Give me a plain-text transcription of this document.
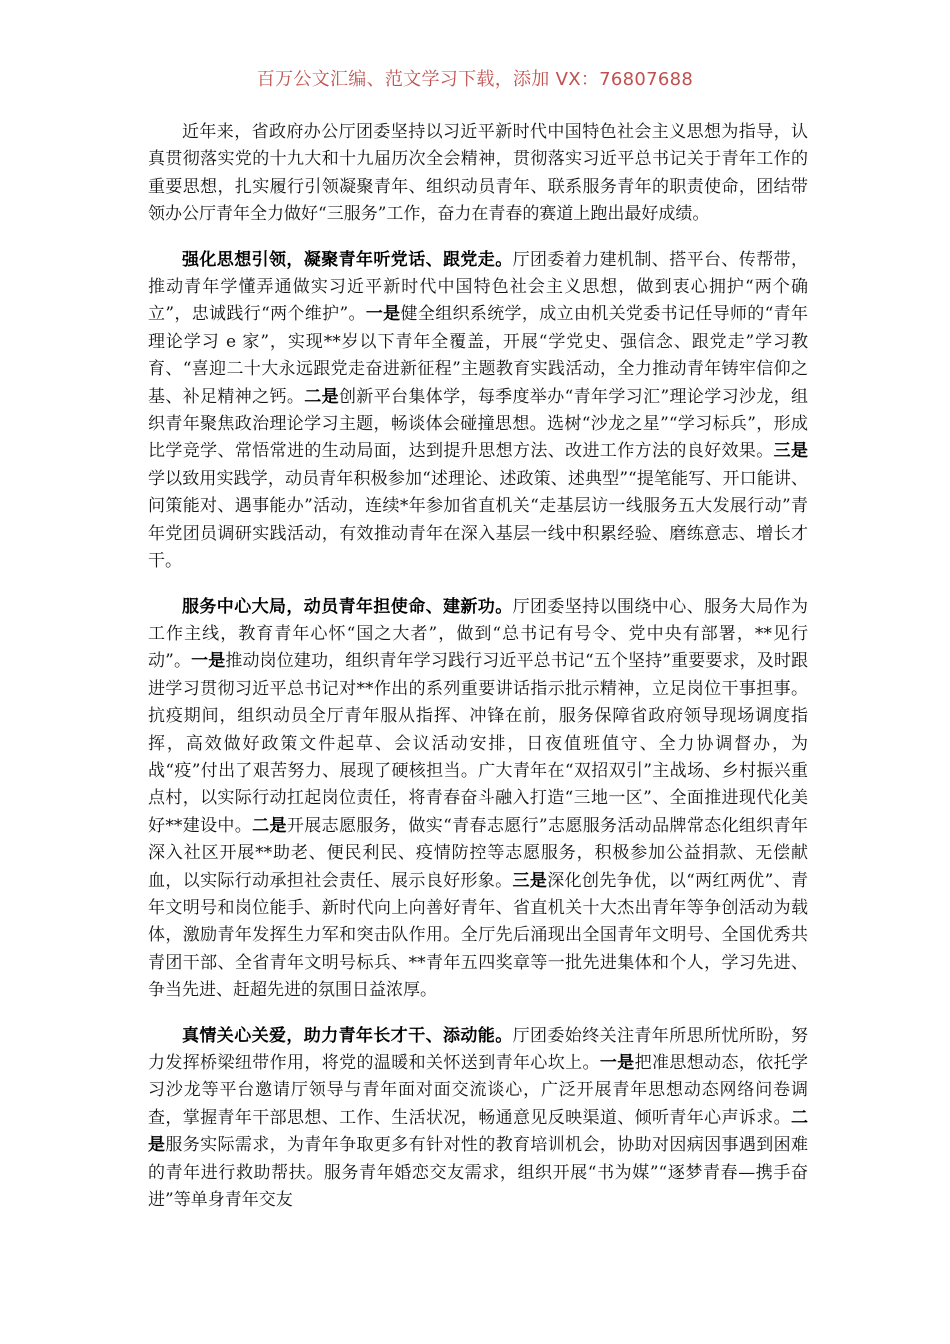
百万公文汇编、范文学习下载，添加 VX：76807688

近年来，省政府办公厅团委坚持以习近平新时代中国特色社会主义思想为指导，认真贯彻落实党的十九大和十九届历次全会精神，贯彻落实习近平总书记关于青年工作的重要思想，扎实履行引领凝聚青年、组织动员青年、联系服务青年的职责使命，团结带领办公厅青年全力做好“三服务”工作，奋力在青春的赛道上跑出最好成绩。

强化思想引领，凝聚青年听党话、跟党走。厅团委着力建机制、搭平台、传帮带，推动青年学懂弄通做实习近平新时代中国特色社会主义思想，做到衷心拥护“两个确立”，忠诚践行“两个维护”。一是健全组织系统学，成立由机关党委书记任导师的“青年理论学习 e 家”，实现**岁以下青年全覆盖，开展“学党史、强信念、跟党走”学习教育、“喜迎二十大永远跟党走奋进新征程”主题教育实践活动，全力推动青年铸牢信仰之基、补足精神之钙。二是创新平台集体学，每季度举办“青年学习汇”理论学习沙龙，组织青年聚焦政治理论学习主题，畅谈体会碰撞思想。选树“沙龙之星”“学习标兵”，形成比学竞学、常悟常进的生动局面，达到提升思想方法、改进工作方法的良好效果。三是学以致用实践学，动员青年积极参加“述理论、述政策、述典型”“提笔能写、开口能讲、问策能对、遇事能办”活动，连续*年参加省直机关“走基层访一线服务五大发展行动”青年党团员调研实践活动，有效推动青年在深入基层一线中积累经验、磨练意志、增长才干。

服务中心大局，动员青年担使命、建新功。厅团委坚持以围绕中心、服务大局作为工作主线，教育青年心怀“国之大者”，做到“总书记有号令、党中央有部署，**见行动”。一是推动岗位建功，组织青年学习践行习近平总书记“五个坚持”重要要求，及时跟进学习贯彻习近平总书记对**作出的系列重要讲话指示批示精神，立足岗位干事担事。抗疫期间，组织动员全厅青年服从指挥、冲锋在前，服务保障省政府领导现场调度指挥，高效做好政策文件起草、会议活动安排，日夜值班值守、全力协调督办，为战“疫”付出了艰苦努力、展现了硬核担当。广大青年在“双招双引”主战场、乡村振兴重点村，以实际行动扛起岗位责任，将青春奋斗融入打造“三地一区”、全面推进现代化美好**建设中。二是开展志愿服务，做实“青春志愿行”志愿服务活动品牌常态化组织青年深入社区开展**助老、便民利民、疫情防控等志愿服务，积极参加公益捐款、无偿献血，以实际行动承担社会责任、展示良好形象。三是深化创先争优，以“两红两优”、青年文明号和岗位能手、新时代向上向善好青年、省直机关十大杰出青年等争创活动为载体，激励青年发挥生力军和突击队作用。全厅先后涌现出全国青年文明号、全国优秀共青团干部、全省青年文明号标兵、**青年五四奖章等一批先进集体和个人，学习先进、争当先进、赶超先进的氛围日益浓厚。

真情关心关爱，助力青年长才干、添动能。厅团委始终关注青年所思所忧所盼，努力发挥桥梁纽带作用，将党的温暖和关怀送到青年心坎上。一是把准思想动态，依托学习沙龙等平台邀请厅领导与青年面对面交流谈心，广泛开展青年思想动态网络问卷调查，掌握青年干部思想、工作、生活状况，畅通意见反映渠道、倾听青年心声诉求。二是服务实际需求，为青年争取更多有针对性的教育培训机会，协助对因病因事遇到困难的青年进行救助帮扶。服务青年婚恋交友需求，组织开展“书为媒”“逐梦青春—携手奋进”等单身青年交友
